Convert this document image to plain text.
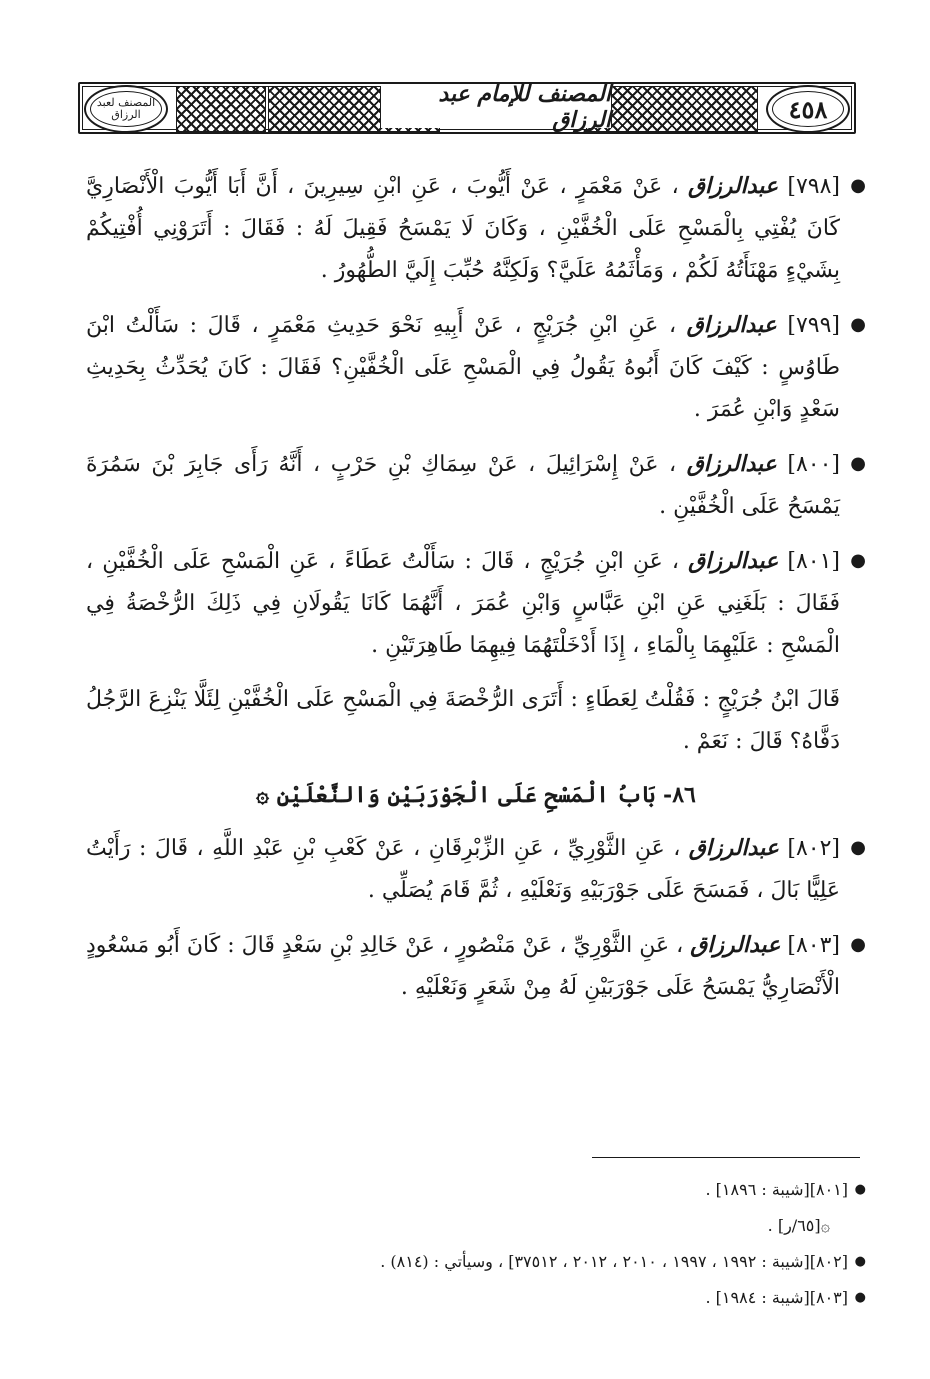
المصنف لعبد الرزاق
المصنف للإمام عبد الرزاق	٤٥٨

●
[٧٩٨] عبدالرزاق ، عَنْ مَعْمَرٍ ، عَنْ أَيُّوبَ ، عَنِ ابْنِ سِيرِينَ ، أَنَّ أَبَا أَيُّوبَ الْأَنْصَارِيَّ كَانَ يُفْتِي بِالْمَسْحِ عَلَى الْخُفَّيْنِ ، وَكَانَ لَا يَمْسَحُ فَقِيلَ لَهُ : فَقَالَ : أَتَرَوْنِي أُفْتِيكُمْ بِشَيْءٍ مَهْنَأَتُهُ لَكُمْ ، وَمَأْثَمُهُ عَلَيَّ؟ وَلَكِنَّهُ حُبِّبَ إِلَيَّ الطُّهُورُ .

●
[٧٩٩] عبدالرزاق ، عَنِ ابْنِ جُرَيْجٍ ، عَنْ أَبِيهِ نَحْوَ حَدِيثِ مَعْمَرٍ ، قَالَ : سَأَلْتُ ابْنَ طَاوُسٍ : كَيْفَ كَانَ أَبُوهُ يَقُولُ فِي الْمَسْحِ عَلَى الْخُفَّيْنِ؟ فَقَالَ : كَانَ يُحَدِّثُ بِحَدِيثِ سَعْدٍ وَابْنِ عُمَرَ .

●
[٨٠٠] عبدالرزاق ، عَنْ إِسْرَائِيلَ ، عَنْ سِمَاكِ بْنِ حَرْبٍ ، أَنَّهُ رَأَى جَابِرَ بْنَ سَمُرَةَ يَمْسَحُ عَلَى الْخُفَّيْنِ .

●
[٨٠١] عبدالرزاق ، عَنِ ابْنِ جُرَيْجٍ ، قَالَ : سَأَلْتُ عَطَاءً ، عَنِ الْمَسْحِ عَلَى الْخُفَّيْنِ ، فَقَالَ : بَلَغَنِي عَنِ ابْنِ عَبَّاسٍ وَابْنِ عُمَرَ ، أَنَّهُمَا كَانَا يَقُولَانِ فِي ذَلِكَ الرُّخْصَةُ فِي الْمَسْحِ : عَلَيْهِمَا بِالْمَاءِ ، إِذَا أَدْخَلْتَهُمَا فِيهِمَا طَاهِرَتَيْنِ .

قَالَ ابْنُ جُرَيْجٍ : فَقُلْتُ لِعَطَاءٍ : أَتَرَى الرُّخْصَةَ فِي الْمَسْحِ عَلَى الْخُفَّيْنِ لِئَلَّا يَنْزِعَ الرَّجُلُ دَفَّاهُ؟ قَالَ : نَعَمْ .

٨٦- بَابُ الْمَسْحِ عَلَى الْجَوْرَبَيْنِ وَالنَّعْلَيْنِ ۞

●
[٨٠٢] عبدالرزاق ، عَنِ الثَّوْرِيِّ ، عَنِ الزِّبْرِقَانِ ، عَنْ كَعْبِ بْنِ عَبْدِ اللَّهِ ، قَالَ : رَأَيْتُ عَلِيًّا بَالَ ، فَمَسَحَ عَلَى جَوْرَبَيْهِ وَنَعْلَيْهِ ، ثُمَّ قَامَ يُصَلِّي .

●
[٨٠٣] عبدالرزاق ، عَنِ الثَّوْرِيِّ ، عَنْ مَنْصُورٍ ، عَنْ خَالِدِ بْنِ سَعْدٍ قَالَ : كَانَ أَبُو مَسْعُودٍ الْأَنْصَارِيُّ يَمْسَحُ عَلَى جَوْرَبَيْنِ لَهُ مِنْ شَعَرٍ وَنَعْلَيْهِ .

●
[٨٠١][شيبة : ١٨٩٦] .
۞[٦٥/ر] .
●
[٨٠٢][شيبة : ١٩٩٢ ، ١٩٩٧ ، ٢٠١٠ ، ٢٠١٢ ، ٣٧٥١٢] ، وسيأتي : (٨١٤) .
●
[٨٠٣][شيبة : ١٩٨٤] .
